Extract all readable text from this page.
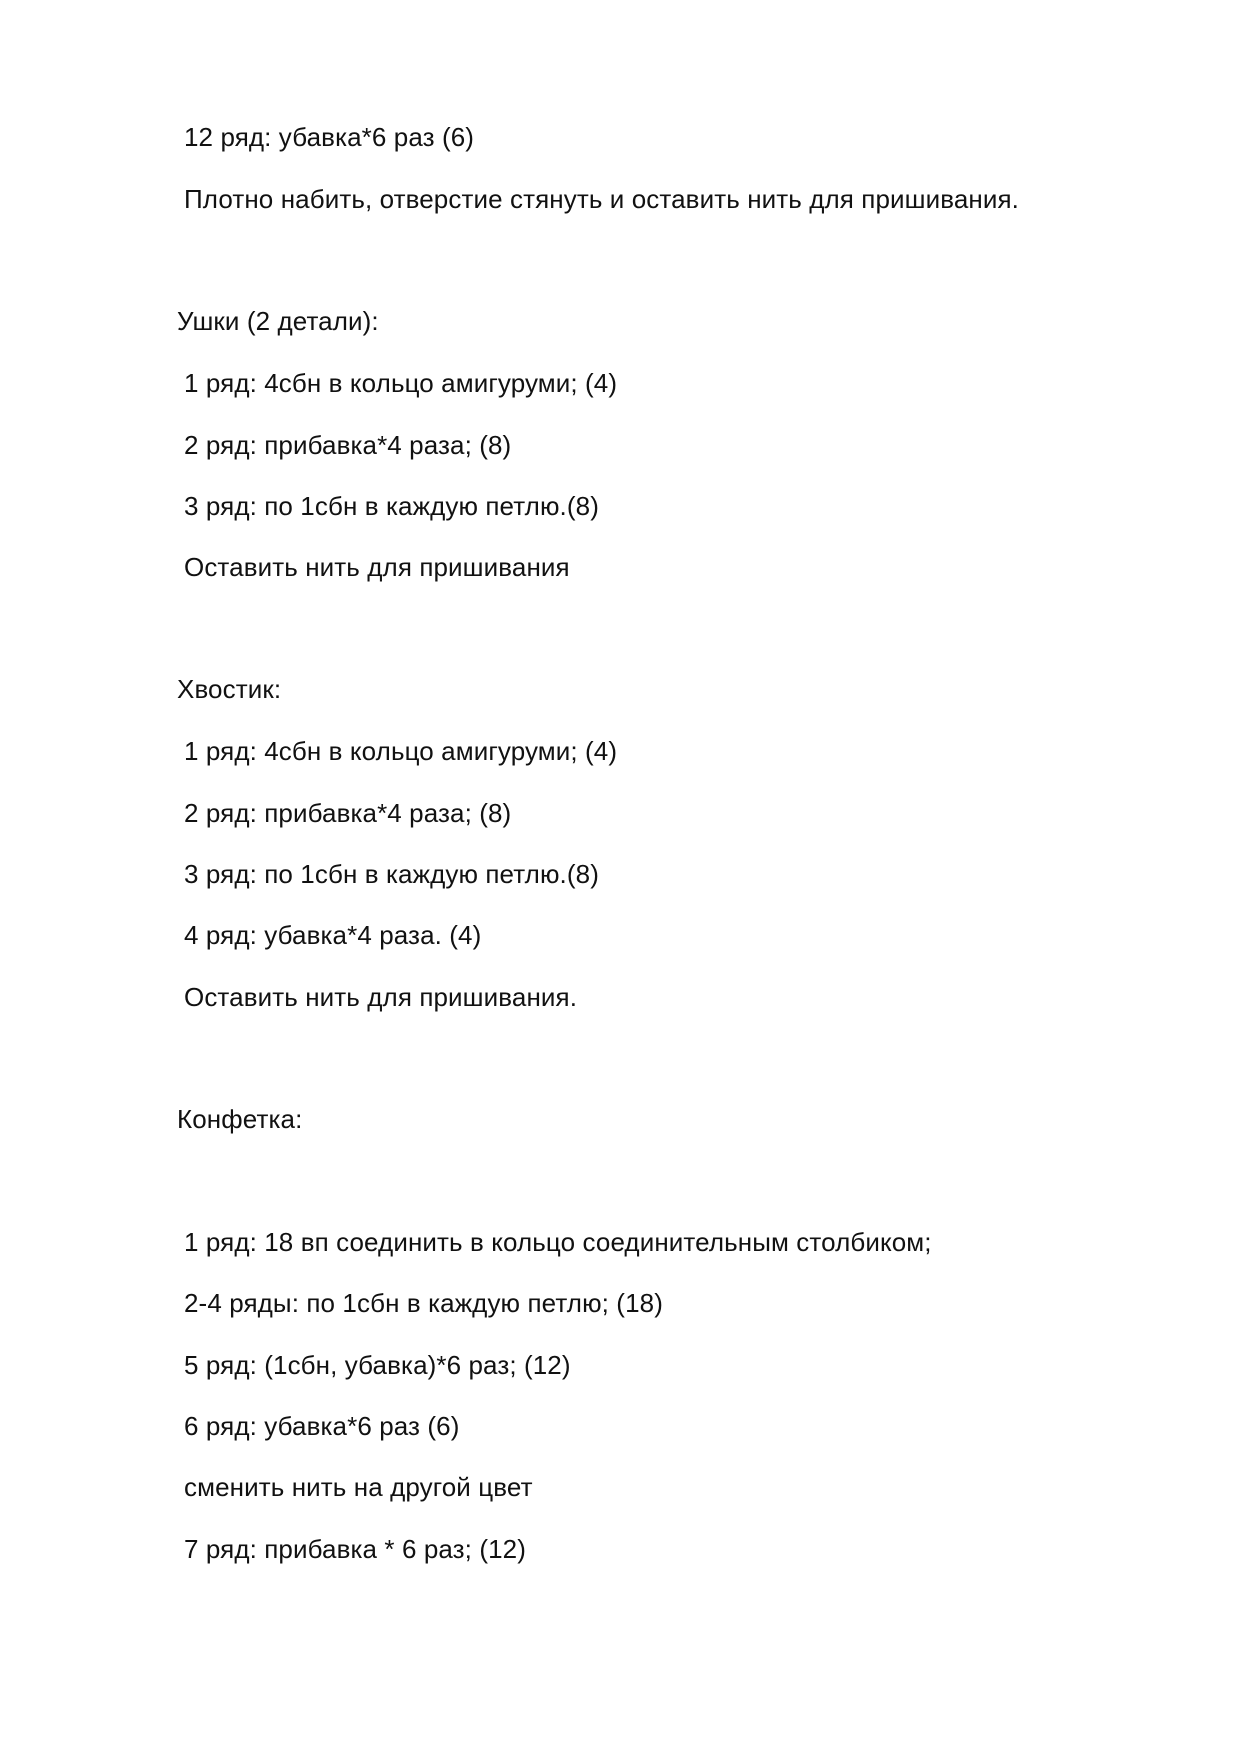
12 ряд: убавка*6 раз (6)
Плотно набить, отверстие стянуть и оставить нить для пришивания.
Ушки (2 детали):
1 ряд: 4сбн в кольцо амигуруми; (4)
2 ряд: прибавка*4 раза; (8)
3 ряд: по 1сбн в каждую петлю.(8)
Оставить нить для пришивания
Хвостик:
1 ряд: 4сбн в кольцо амигуруми; (4)
2 ряд: прибавка*4 раза; (8)
3 ряд: по 1сбн в каждую петлю.(8)
4 ряд: убавка*4 раза. (4)
Оставить нить для пришивания.
Конфетка:
1 ряд: 18 вп соединить в кольцо соединительным столбиком;
2-4 ряды: по 1сбн в каждую петлю; (18)
5 ряд: (1сбн, убавка)*6 раз; (12)
6 ряд: убавка*6 раз (6)
сменить нить на другой цвет
7 ряд: прибавка * 6 раз; (12)
